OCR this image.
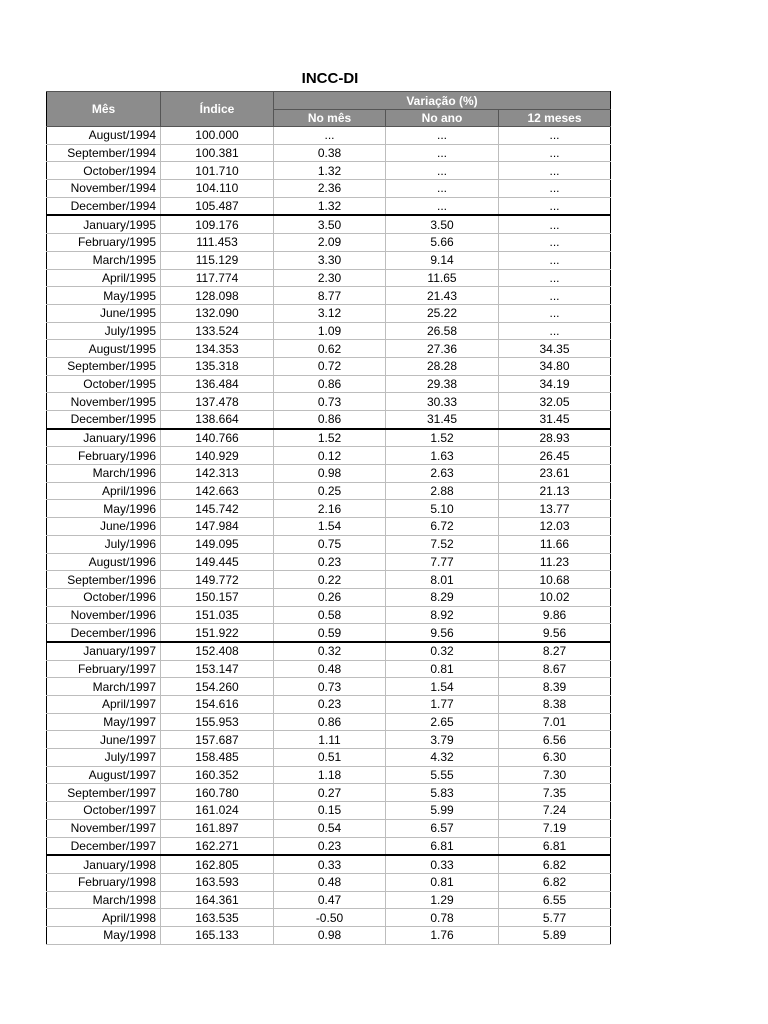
INCC-DI
Mês	Índice	Variação (%)		
		No mês	No ano	12 meses
August/1994	100.000	...	...	...
September/1994	100.381	0.38	...	...
October/1994	101.710	1.32	...	...
November/1994	104.110	2.36	...	...
December/1994	105.487	1.32	...	...
January/1995	109.176	3.50	3.50	...
February/1995	111.453	2.09	5.66	...
March/1995	115.129	3.30	9.14	...
April/1995	117.774	2.30	11.65	...
May/1995	128.098	8.77	21.43	...
June/1995	132.090	3.12	25.22	...
July/1995	133.524	1.09	26.58	...
August/1995	134.353	0.62	27.36	34.35
September/1995	135.318	0.72	28.28	34.80
October/1995	136.484	0.86	29.38	34.19
November/1995	137.478	0.73	30.33	32.05
December/1995	138.664	0.86	31.45	31.45
January/1996	140.766	1.52	1.52	28.93
February/1996	140.929	0.12	1.63	26.45
March/1996	142.313	0.98	2.63	23.61
April/1996	142.663	0.25	2.88	21.13
May/1996	145.742	2.16	5.10	13.77
June/1996	147.984	1.54	6.72	12.03
July/1996	149.095	0.75	7.52	11.66
August/1996	149.445	0.23	7.77	11.23
September/1996	149.772	0.22	8.01	10.68
October/1996	150.157	0.26	8.29	10.02
November/1996	151.035	0.58	8.92	9.86
December/1996	151.922	0.59	9.56	9.56
January/1997	152.408	0.32	0.32	8.27
February/1997	153.147	0.48	0.81	8.67
March/1997	154.260	0.73	1.54	8.39
April/1997	154.616	0.23	1.77	8.38
May/1997	155.953	0.86	2.65	7.01
June/1997	157.687	1.11	3.79	6.56
July/1997	158.485	0.51	4.32	6.30
August/1997	160.352	1.18	5.55	7.30
September/1997	160.780	0.27	5.83	7.35
October/1997	161.024	0.15	5.99	7.24
November/1997	161.897	0.54	6.57	7.19
December/1997	162.271	0.23	6.81	6.81
January/1998	162.805	0.33	0.33	6.82
February/1998	163.593	0.48	0.81	6.82
March/1998	164.361	0.47	1.29	6.55
April/1998	163.535	-0.50	0.78	5.77
May/1998	165.133	0.98	1.76	5.89
